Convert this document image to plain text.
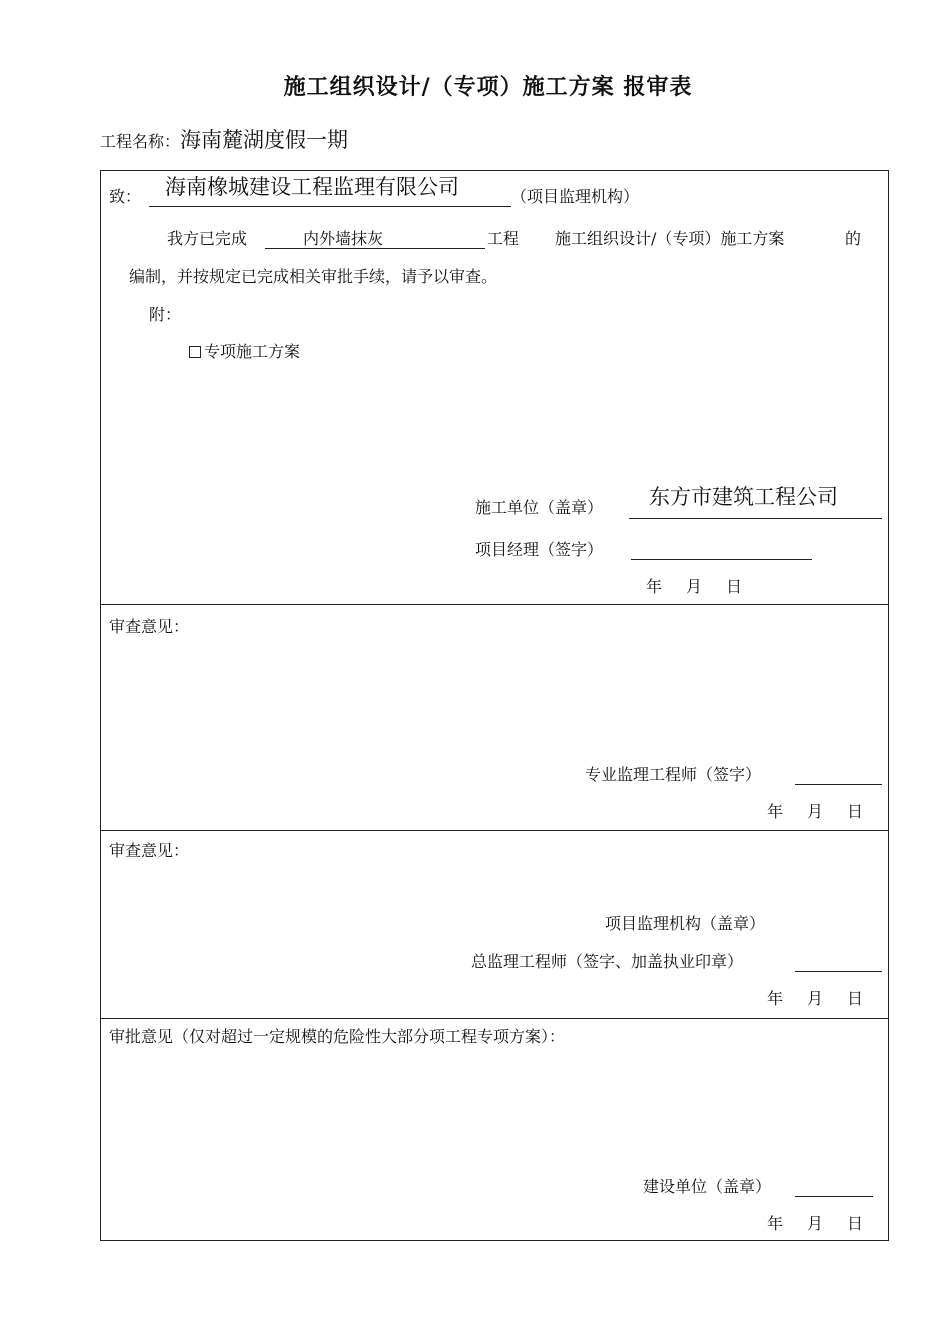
施工组织设计/（专项）施工方案 报审表
工程名称：海南麓湖度假一期
致： 海南橡城建设工程监理有限公司	（项目监理机构）
我方已完成	内外墙抹灰	工程 施工组织设计/（专项）施工方案	的
编制，并按规定已完成相关审批手续，请予以审查。
附：
专项施工方案
施工单位（盖章） 东方市建筑工程公司
项目经理（签字）
年 月 日
审查意见：
专业监理工程师（签字）
年 月 日
审查意见：
项目监理机构（盖章）
总监理工程师（签字、加盖执业印章）
年 月 日
审批意见（仅对超过一定规模的危险性大部分项工程专项方案）：
建设单位（盖章）
年 月 日
